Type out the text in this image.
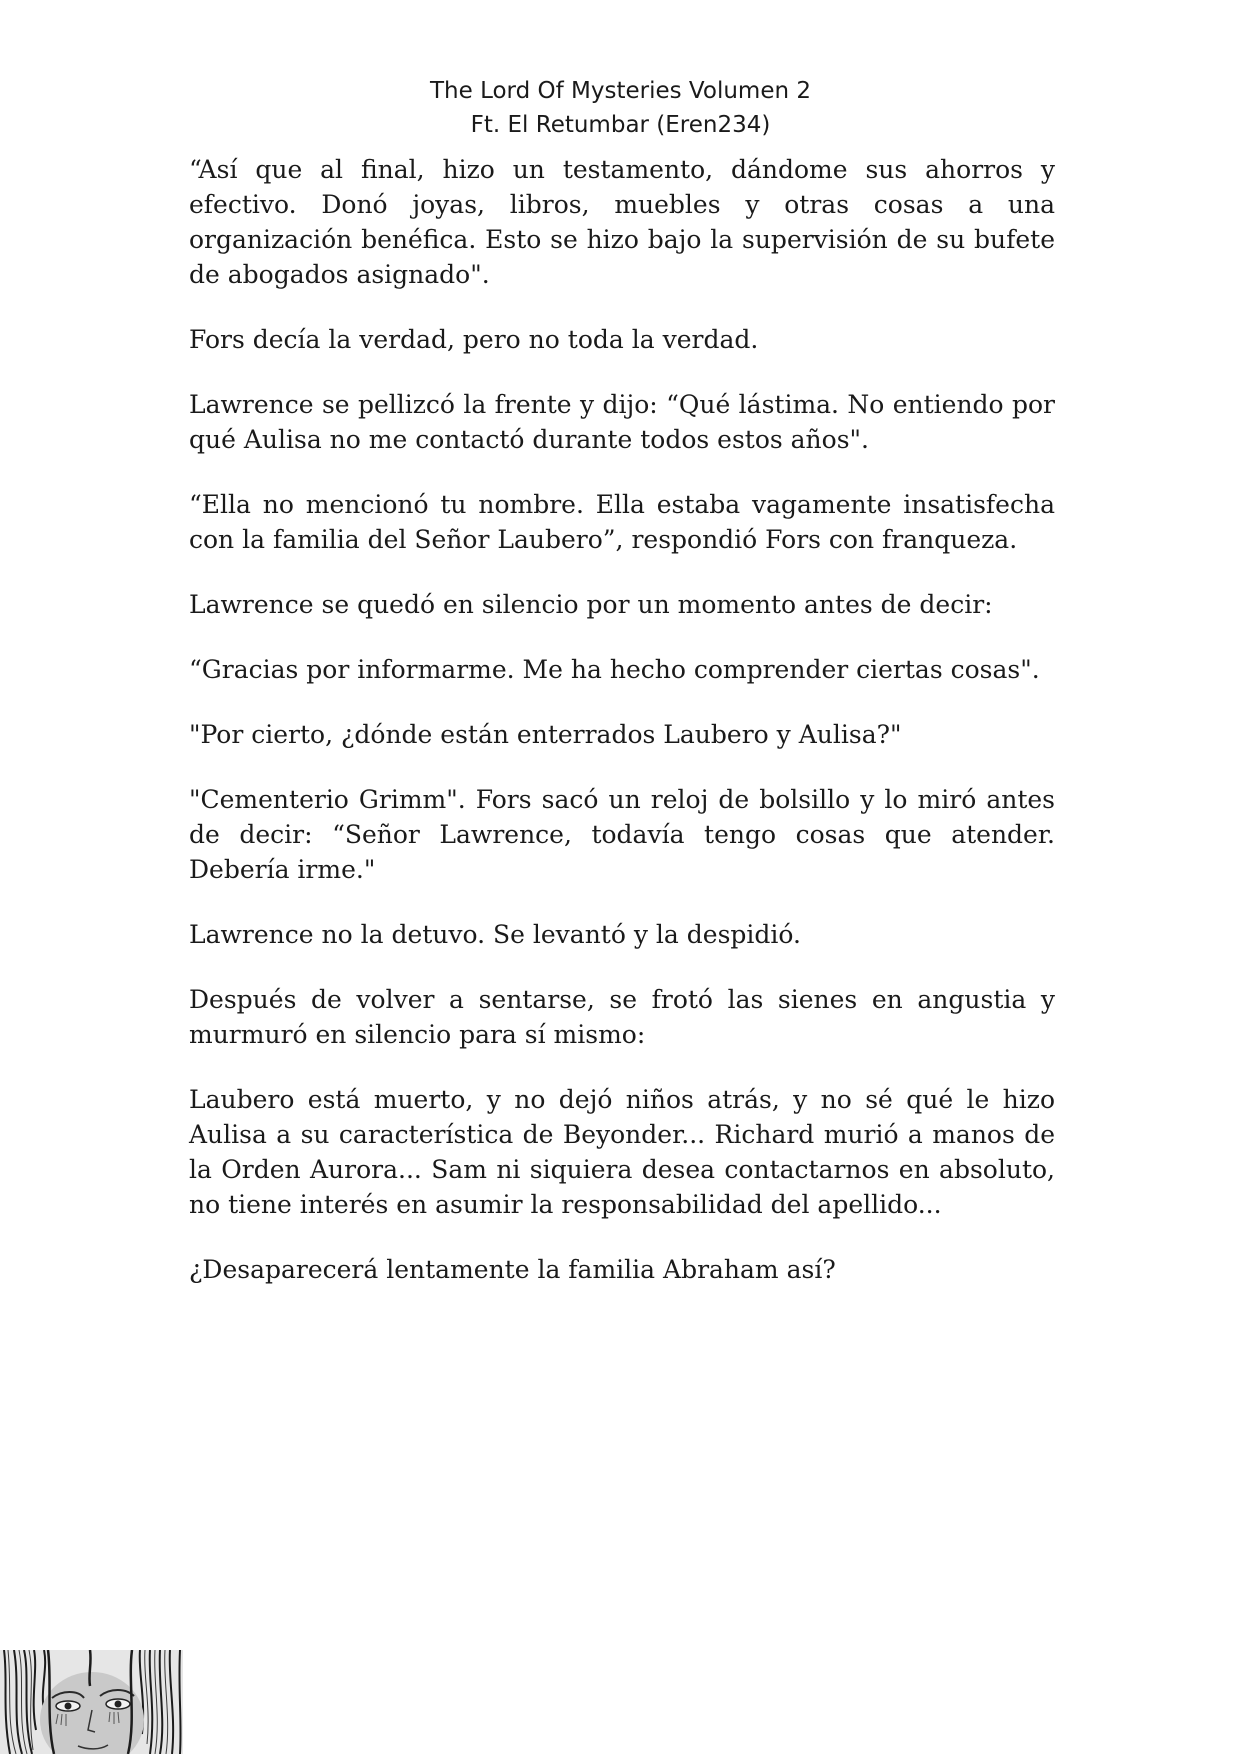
The Lord Of Mysteries Volumen 2
Ft. El Retumbar (Eren234)

“Así que al final, hizo un testamento, dándome sus ahorros y efectivo. Donó joyas, libros, muebles y otras cosas a una organización benéfica. Esto se hizo bajo la supervisión de su bufete de abogados asignado".

Fors decía la verdad, pero no toda la verdad.

Lawrence se pellizcó la frente y dijo: “Qué lástima. No entiendo por qué Aulisa no me contactó durante todos estos años".

“Ella no mencionó tu nombre. Ella estaba vagamente insatisfecha con la familia del Señor Laubero”, respondió Fors con franqueza.

Lawrence se quedó en silencio por un momento antes de decir:

“Gracias por informarme. Me ha hecho comprender ciertas cosas".

"Por cierto, ¿dónde están enterrados Laubero y Aulisa?"

"Cementerio Grimm". Fors sacó un reloj de bolsillo y lo miró antes de decir: “Señor Lawrence, todavía tengo cosas que atender. Debería irme."

Lawrence no la detuvo. Se levantó y la despidió.

Después de volver a sentarse, se frotó las sienes en angustia y murmuró en silencio para sí mismo:

Laubero está muerto, y no dejó niños atrás, y no sé qué le hizo Aulisa a su característica de Beyonder... Richard murió a manos de la Orden Aurora... Sam ni siquiera desea contactarnos en absoluto, no tiene interés en asumir la responsabilidad del apellido...

¿Desaparecerá lentamente la familia Abraham así?
